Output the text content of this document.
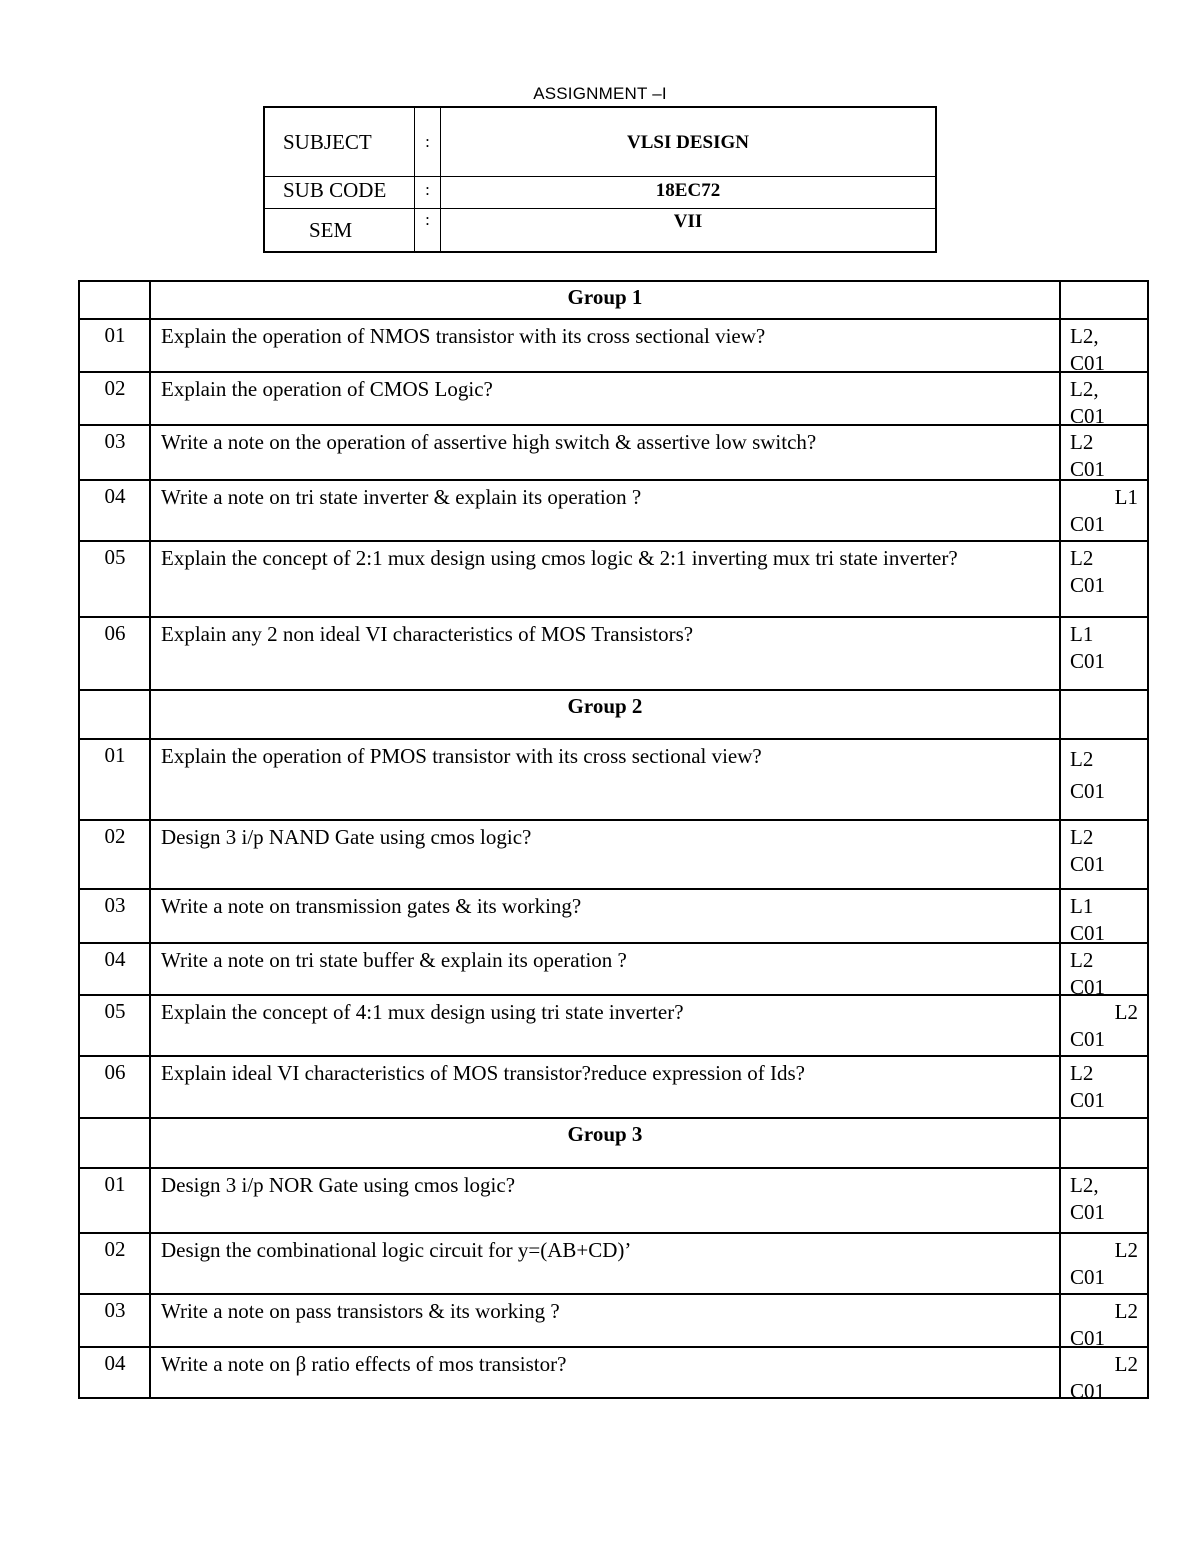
ASSIGNMENT –I
SUBJECT	:	VLSI DESIGN
SUB CODE	:	18EC72
SEM	:	VII
Group 1
01	Explain the operation of NMOS transistor with its cross sectional view?	L2,
C01
02	Explain the operation of CMOS Logic?	L2,
C01
03	Write a note on the operation of assertive high switch & assertive low switch?	L2
C01
04	Write a note on tri state inverter & explain its operation ?	L1
C01
05	Explain the concept of 2:1 mux design using cmos logic & 2:1 inverting mux tri state inverter?	L2
C01
06	Explain any 2 non ideal VI characteristics of MOS Transistors?	L1
C01
Group 2
01	Explain the operation of PMOS transistor with its cross sectional view?	L2
C01
02	Design 3 i/p NAND Gate using cmos logic?	L2
C01
03	Write a note on transmission gates & its working?	L1
C01
04	Write a note on tri state buffer & explain its operation ?	L2
C01
05	Explain the concept of 4:1 mux design using tri state inverter?	L2
C01
06	Explain ideal VI characteristics of MOS transistor?reduce expression of Ids?	L2
C01
Group 3
01	Design 3 i/p NOR Gate using cmos logic?	L2,
C01
02	Design the combinational logic circuit for y=(AB+CD)’	L2
C01
03	Write a note on pass transistors & its working ?	L2
C01
04	Write a note on β ratio effects of mos transistor?	L2
C01
